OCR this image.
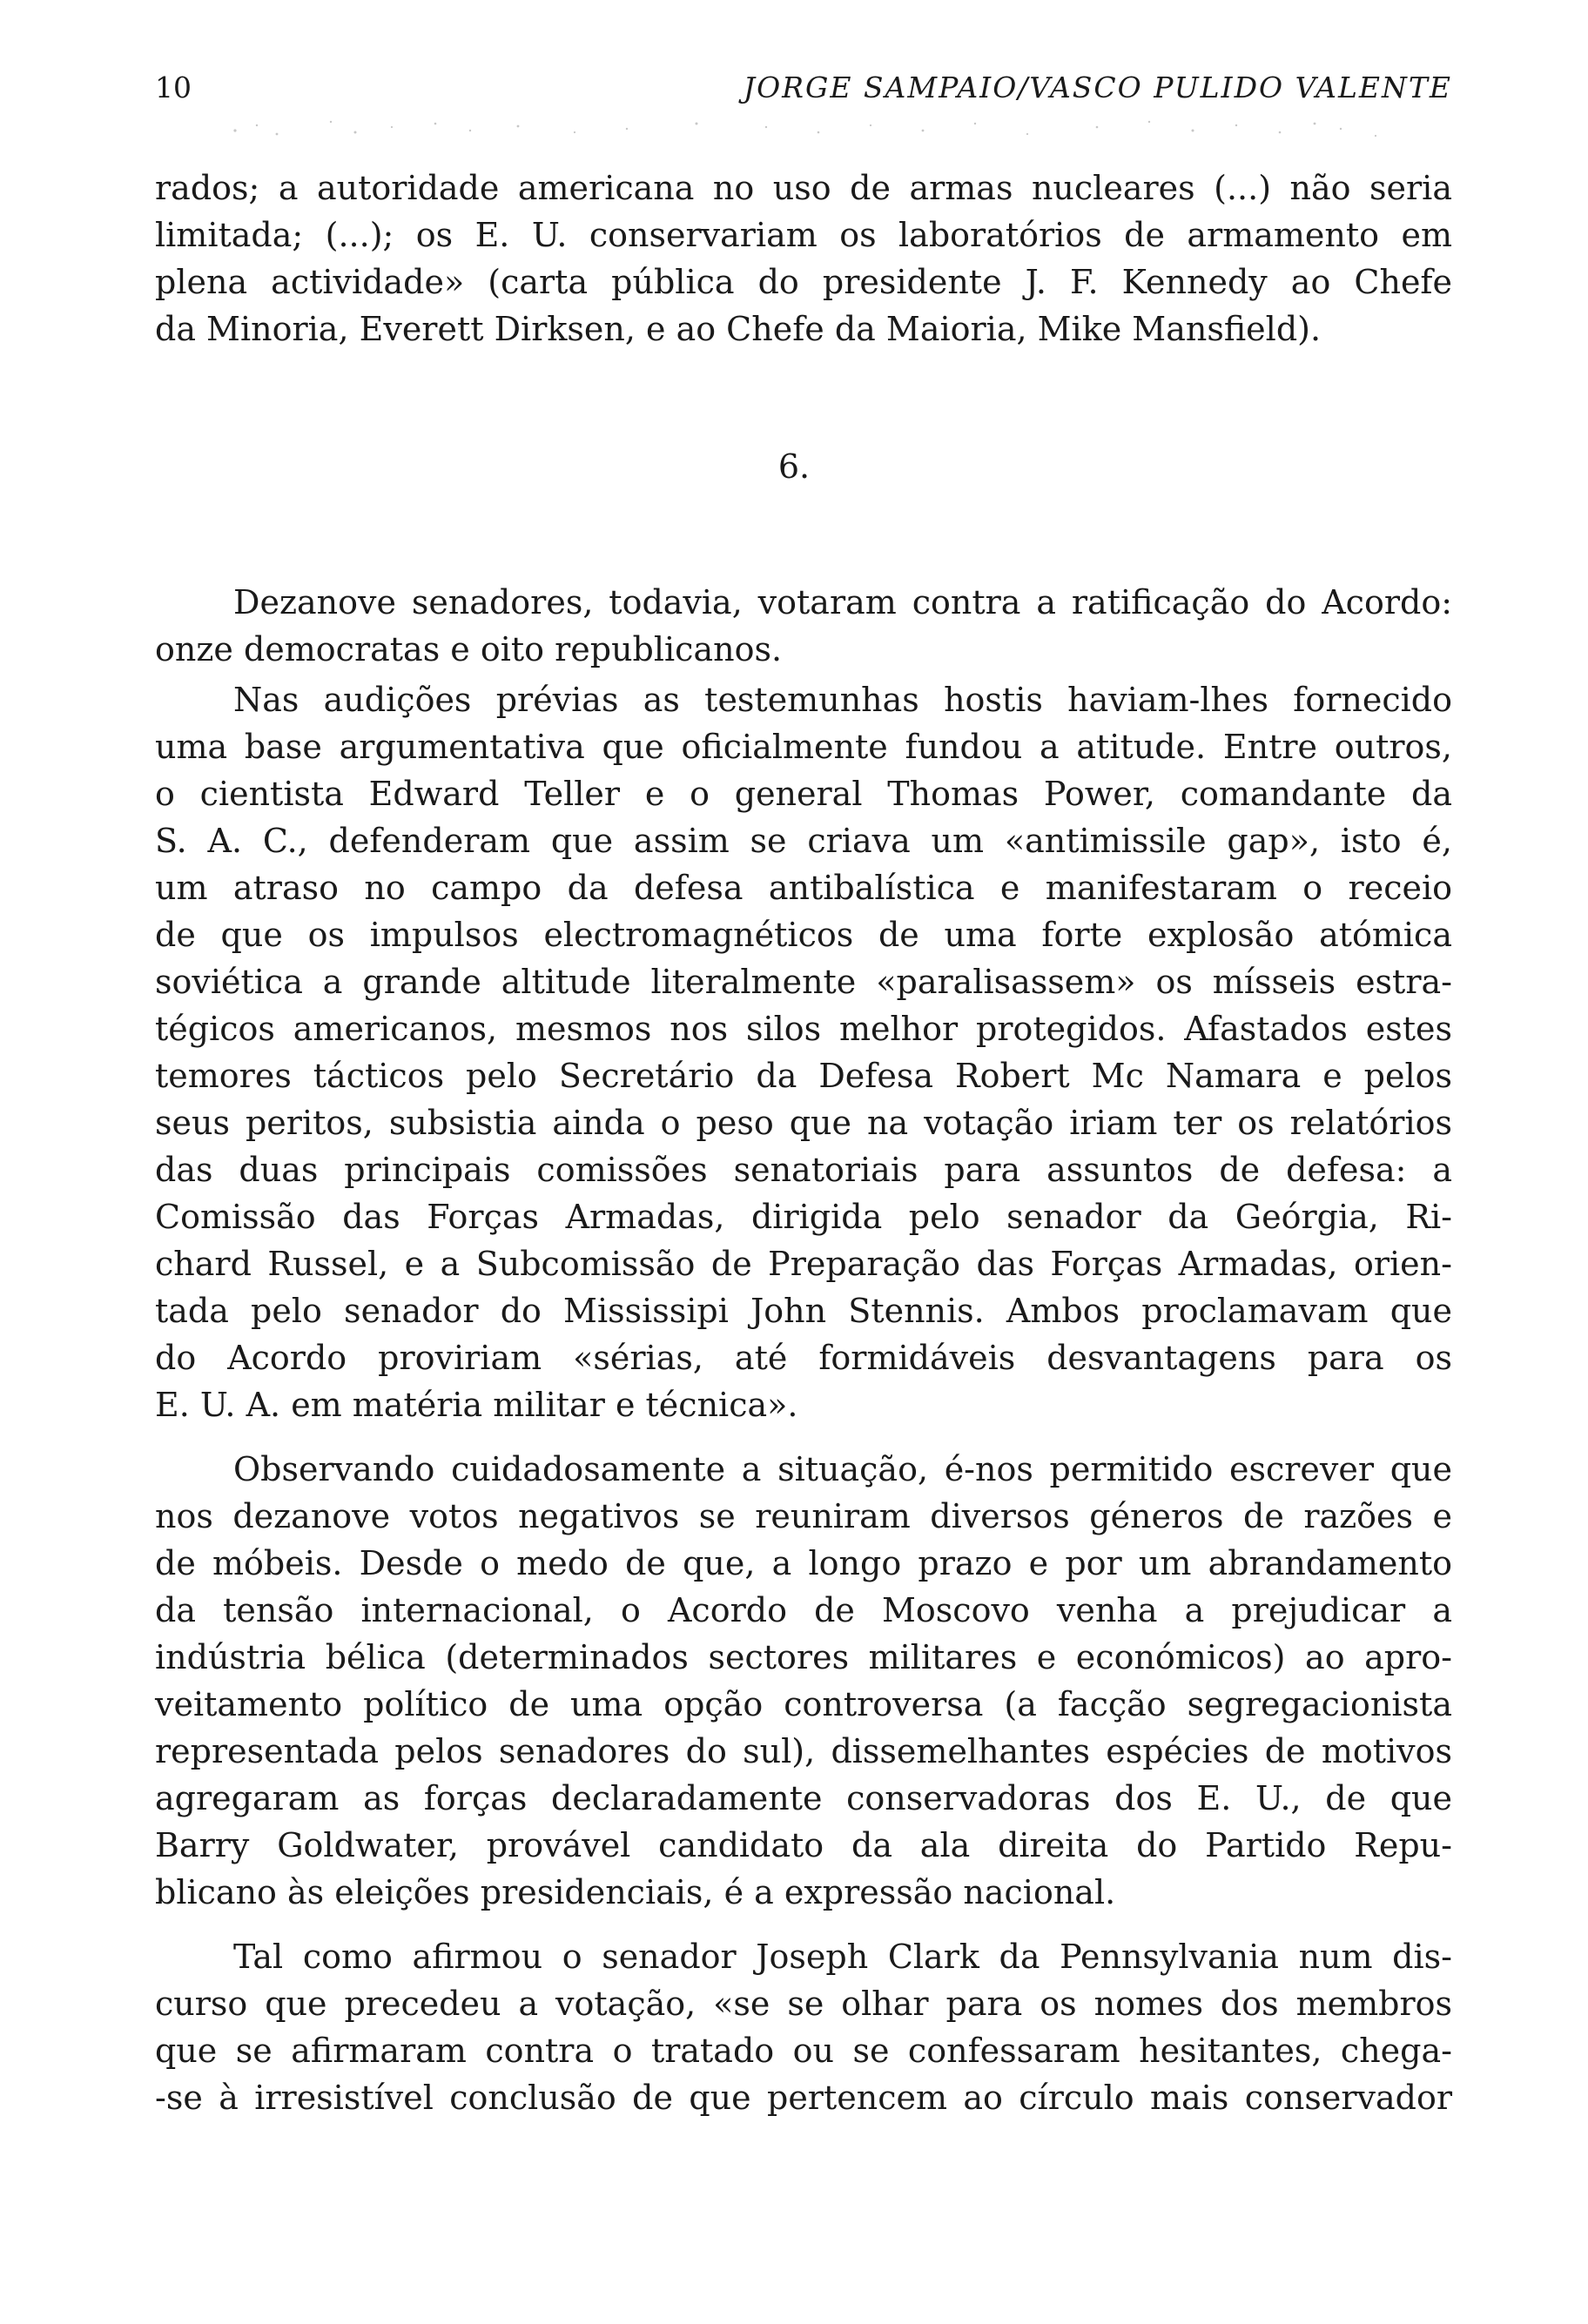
10	JORGE SAMPAIO/VASCO PULIDO VALENTE
rados; a autoridade americana no uso de armas nucleares (...) não seria
limitada; (...); os E. U. conservariam os laboratórios de armamento em
plena actividade» (carta pública do presidente J. F. Kennedy ao Chefe
da Minoria, Everett Dirksen, e ao Chefe da Maioria, Mike Mansfield).
6.
Dezanove senadores, todavia, votaram contra a ratificação do Acordo:
onze democratas e oito republicanos.
Nas audições prévias as testemunhas hostis haviam-lhes fornecido
uma base argumentativa que oficialmente fundou a atitude. Entre outros,
o cientista Edward Teller e o general Thomas Power, comandante da
S. A. C., defenderam que assim se criava um «antimissile gap», isto é,
um atraso no campo da defesa antibalística e manifestaram o receio
de que os impulsos electromagnéticos de uma forte explosão atómica
soviética a grande altitude literalmente «paralisassem» os mísseis estra-
tégicos americanos, mesmos nos silos melhor protegidos. Afastados estes
temores tácticos pelo Secretário da Defesa Robert Mc Namara e pelos
seus peritos, subsistia ainda o peso que na votação iriam ter os relatórios
das duas principais comissões senatoriais para assuntos de defesa: a
Comissão das Forças Armadas, dirigida pelo senador da Geórgia, Ri-
chard Russel, e a Subcomissão de Preparação das Forças Armadas, orien-
tada pelo senador do Mississipi John Stennis. Ambos proclamavam que
do Acordo proviriam «sérias, até formidáveis desvantagens para os
E. U. A. em matéria militar e técnica».
Observando cuidadosamente a situação, é-nos permitido escrever que
nos dezanove votos negativos se reuniram diversos géneros de razões e
de móbeis. Desde o medo de que, a longo prazo e por um abrandamento
da tensão internacional, o Acordo de Moscovo venha a prejudicar a
indústria bélica (determinados sectores militares e económicos) ao apro-
veitamento político de uma opção controversa (a facção segregacionista
representada pelos senadores do sul), dissemelhantes espécies de motivos
agregaram as forças declaradamente conservadoras dos E. U., de que
Barry Goldwater, provável candidato da ala direita do Partido Repu-
blicano às eleições presidenciais, é a expressão nacional.
Tal como afirmou o senador Joseph Clark da Pennsylvania num dis-
curso que precedeu a votação, «se se olhar para os nomes dos membros
que se afirmaram contra o tratado ou se confessaram hesitantes, chega-
-se à irresistível conclusão de que pertencem ao círculo mais conservador
